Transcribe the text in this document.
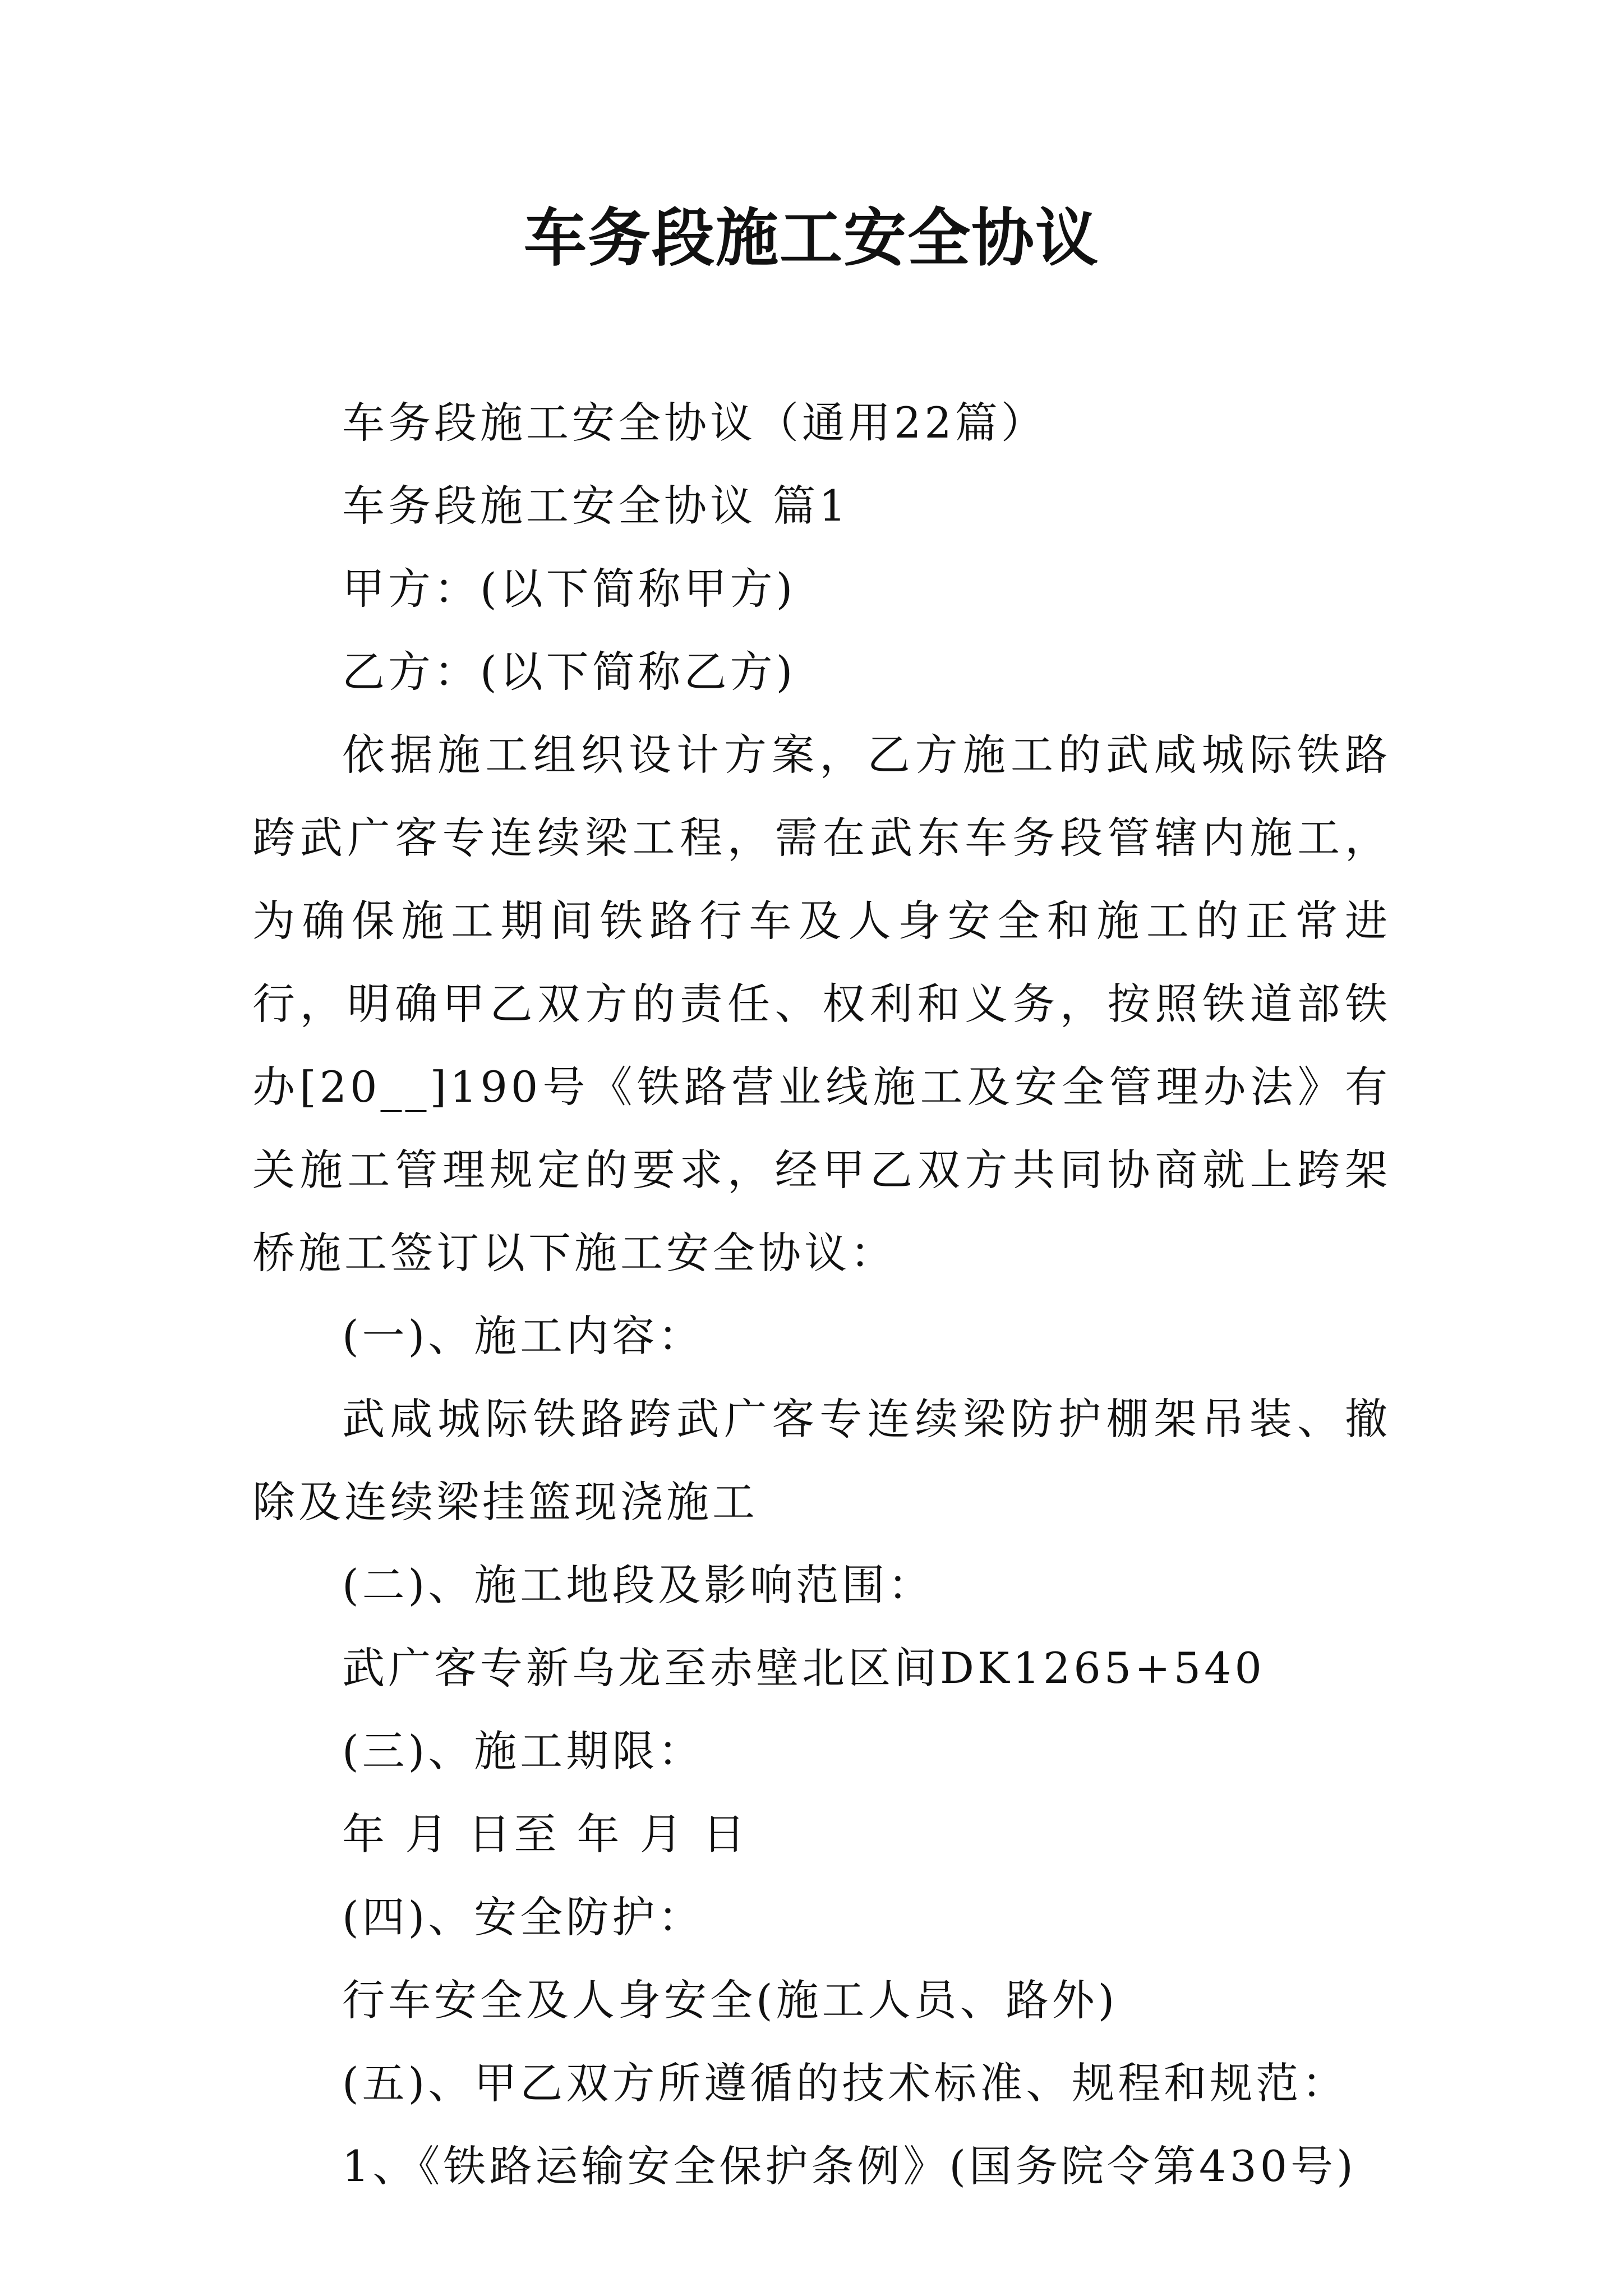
车务段施工安全协议

车务段施工安全协议（通用22篇）

车务段施工安全协议 篇1

甲方：(以下简称甲方)

乙方：(以下简称乙方)

依据施工组织设计方案，乙方施工的武咸城际铁路跨武广客专连续梁工程，需在武东车务段管辖内施工，为确保施工期间铁路行车及人身安全和施工的正常进行，明确甲乙双方的责任、权利和义务，按照铁道部铁办[20__]190号《铁路营业线施工及安全管理办法》有关施工管理规定的要求，经甲乙双方共同协商就上跨架桥施工签订以下施工安全协议：

(一)、施工内容：

武咸城际铁路跨武广客专连续梁防护棚架吊装、撤除及连续梁挂篮现浇施工

(二)、施工地段及影响范围：

武广客专新乌龙至赤壁北区间DK1265+540

(三)、施工期限：

年 月 日至 年 月 日

(四)、安全防护：

行车安全及人身安全(施工人员、路外)

(五)、甲乙双方所遵循的技术标准、规程和规范：

1、《铁路运输安全保护条例》(国务院令第430号)
